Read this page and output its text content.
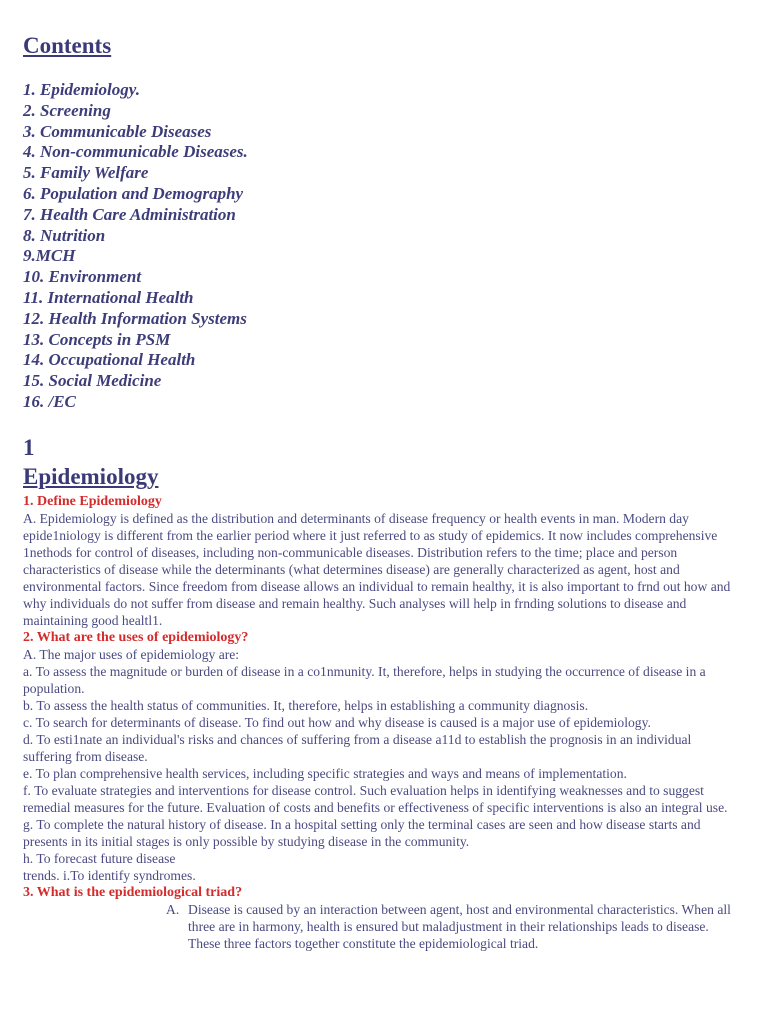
Contents
1. Epidemiology.
2. Screening
3. Communicable Diseases
4. Non-communicable Diseases.
5. Family Welfare
6. Population and Demography
7. Health Care Administration
8. Nutrition
9.MCH
10. Environment
11. International Health
12. Health Information Systems
13. Concepts in PSM
14. Occupational Health
15. Social Medicine
16. /EC
1
Epidemiology

1. Define Epidemiology

A. Epidemiology is defined as the distribution and determinants of disease frequency or health events in man. Modern day epide1niology is different from the earlier period where it just referred to as study of epidemics. It now includes comprehensive 1nethods for control of diseases, including non-communicable diseases. Distribution refers to the time; place and person characteristics of disease while the determinants (what determines disease) are generally characterized as agent, host and environmental factors. Since freedom from disease allows an individual to remain healthy, it is also important to frnd out how and why individuals do not suffer from disease and remain healthy. Such analyses will help in frnding solutions to disease and maintaining good healtl1.

2. What are the uses of epidemiology?

A. The major uses of epidemiology are:

a. To assess the magnitude or burden of disease in a co1nmunity. It, therefore, helps in studying the occurrence of disease in a population.

b. To assess the health status of communities. It, therefore, helps in establishing a community diagnosis.

c. To search for determinants of disease. To find out how and why disease is caused is a major use of epidemiology.

d. To esti1nate an individual's risks and chances of suffering from a disease a11d to establish the prognosis in an individual suffering from disease.

e. To plan comprehensive health services, including specific strategies and ways and means of implementation.

f. To evaluate strategies and interventions for disease control. Such evaluation helps in identifying weaknesses and to suggest remedial measures for the future. Evaluation of costs and benefits or effectiveness of specific interventions is also an integral use.

g. To complete the natural history of disease. In a hospital setting only the terminal cases are seen and how disease starts and presents in its initial stages is only possible by studying disease in the community.

h. To forecast future disease

trends. i.To identify syndromes.

3. What is the epidemiological triad?

A. Disease is caused by an interaction between agent, host and environmental characteristics. When all three are in harmony, health is ensured but maladjustment in their relationships leads to disease. These three factors together constitute the epidemiological triad.
